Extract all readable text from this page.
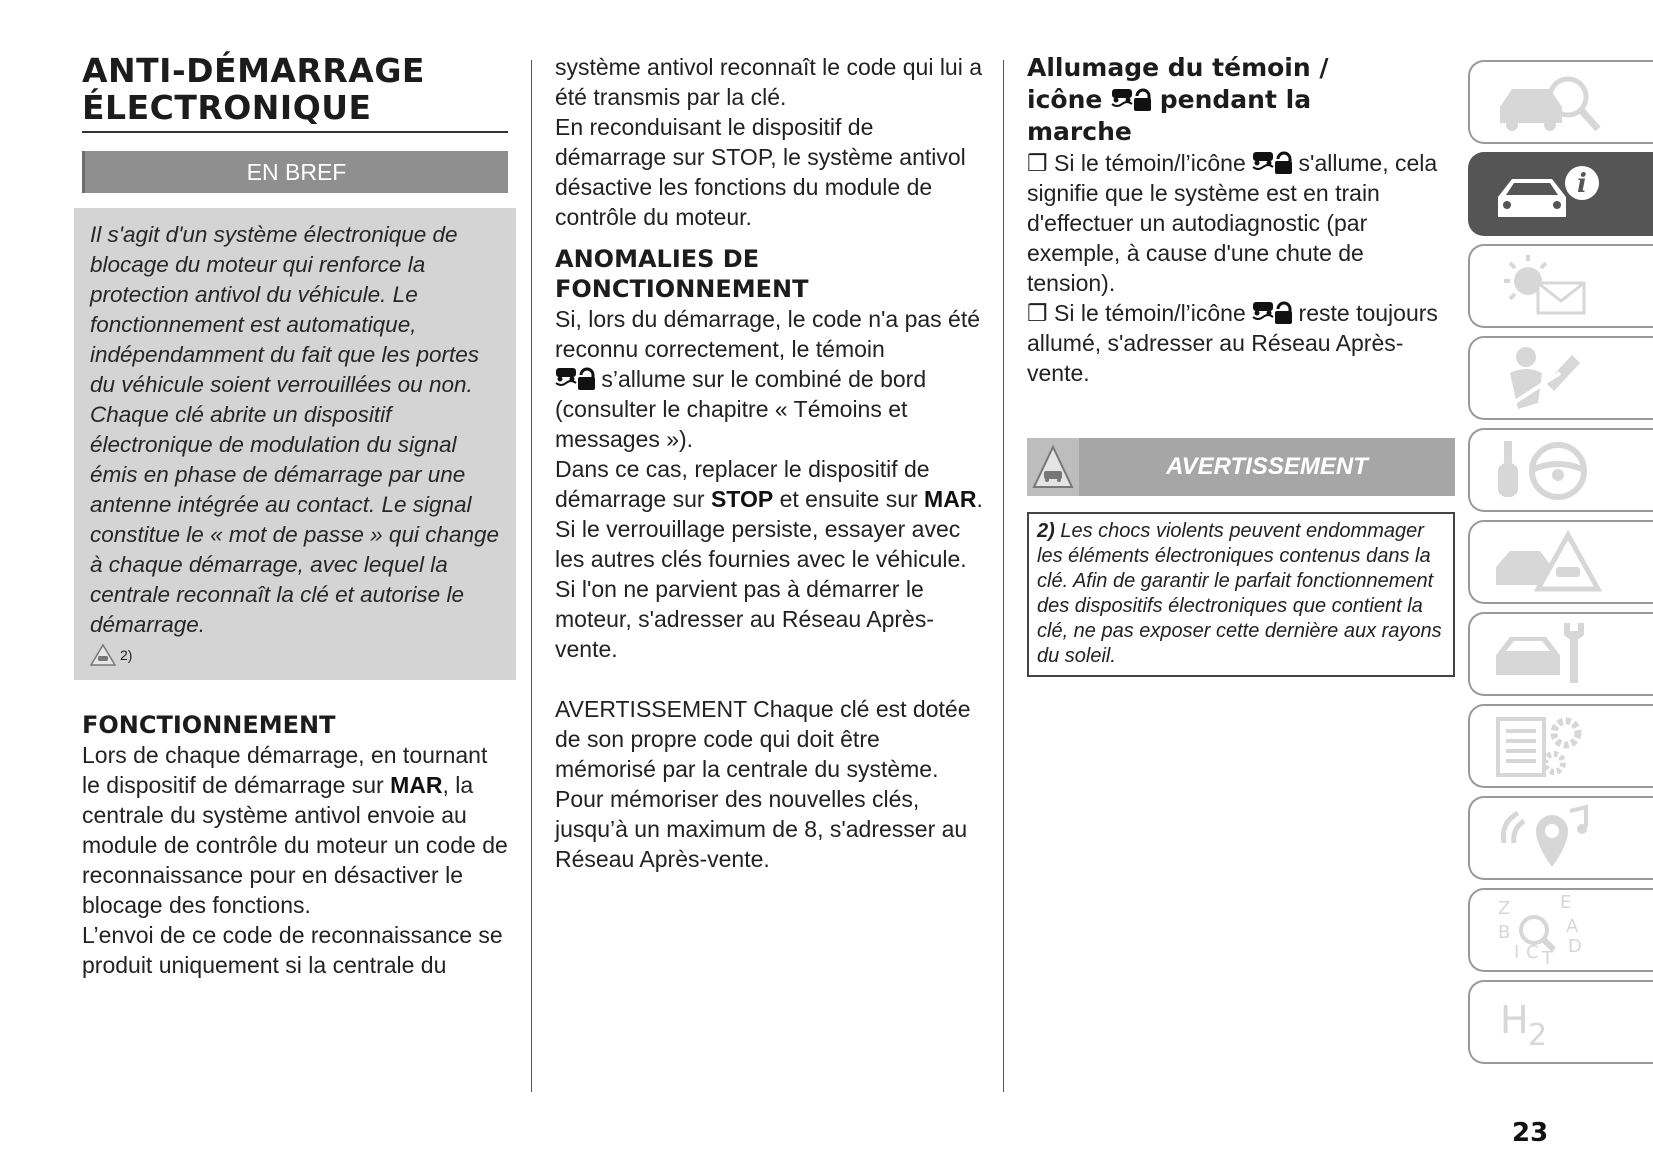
ANTI-DÉMARRAGE
ÉLECTRONIQUE
EN BREF

Il s'agit d'un système électronique de blocage du moteur qui renforce la protection antivol du véhicule. Le fonctionnement est automatique, indépendamment du fait que les portes du véhicule soient verrouillées ou non.

Chaque clé abrite un dispositif électronique de modulation du signal émis en phase de démarrage par une antenne intégrée au contact. Le signal constitue le « mot de passe » qui change à chaque démarrage, avec lequel la centrale reconnaît la clé et autorise le démarrage.

2)
FONCTIONNEMENT

Lors de chaque démarrage, en tournant le dispositif de démarrage sur MAR, la centrale du système antivol envoie au module de contrôle du moteur un code de reconnaissance pour en désactiver le blocage des fonctions.

L’envoi de ce code de reconnaissance se produit uniquement si la centrale du

système antivol reconnaît le code qui lui a été transmis par la clé.

En reconduisant le dispositif de démarrage sur STOP, le système antivol désactive les fonctions du module de contrôle du moteur.

ANOMALIES DE
FONCTIONNEMENT

Si, lors du démarrage, le code n'a pas été reconnu correctement, le témoin
s’allume sur le combiné de bord (consulter le chapitre « Témoins et messages »).

Dans ce cas, replacer le dispositif de démarrage sur STOP et ensuite sur MAR. Si le verrouillage persiste, essayer avec les autres clés fournies avec le véhicule. Si l'on ne parvient pas à démarrer le moteur, s'adresser au Réseau Après-vente.

AVERTISSEMENT Chaque clé est dotée de son propre code qui doit être mémorisé par la centrale du système. Pour mémoriser des nouvelles clés, jusqu’à un maximum de 8, s'adresser au Réseau Après-vente.

Allumage du témoin /
icône pendant la
marche

❒ Si le témoin/l’icône  s'allume, cela signifie que le système est en train d'effectuer un autodiagnostic (par exemple, à cause d'une chute de tension).

❒ Si le témoin/l’icône  reste toujours allumé, s'adresser au Réseau Après-vente.

AVERTISSEMENT

2) Les chocs violents peuvent endommager les éléments électroniques contenus dans la clé. Afin de garantir le parfait fonctionnement des dispositifs électroniques que contient la clé, ne pas exposer cette dernière aux rayons du soleil.

i
Z	E
B	A
I C T
D
H 2
23
